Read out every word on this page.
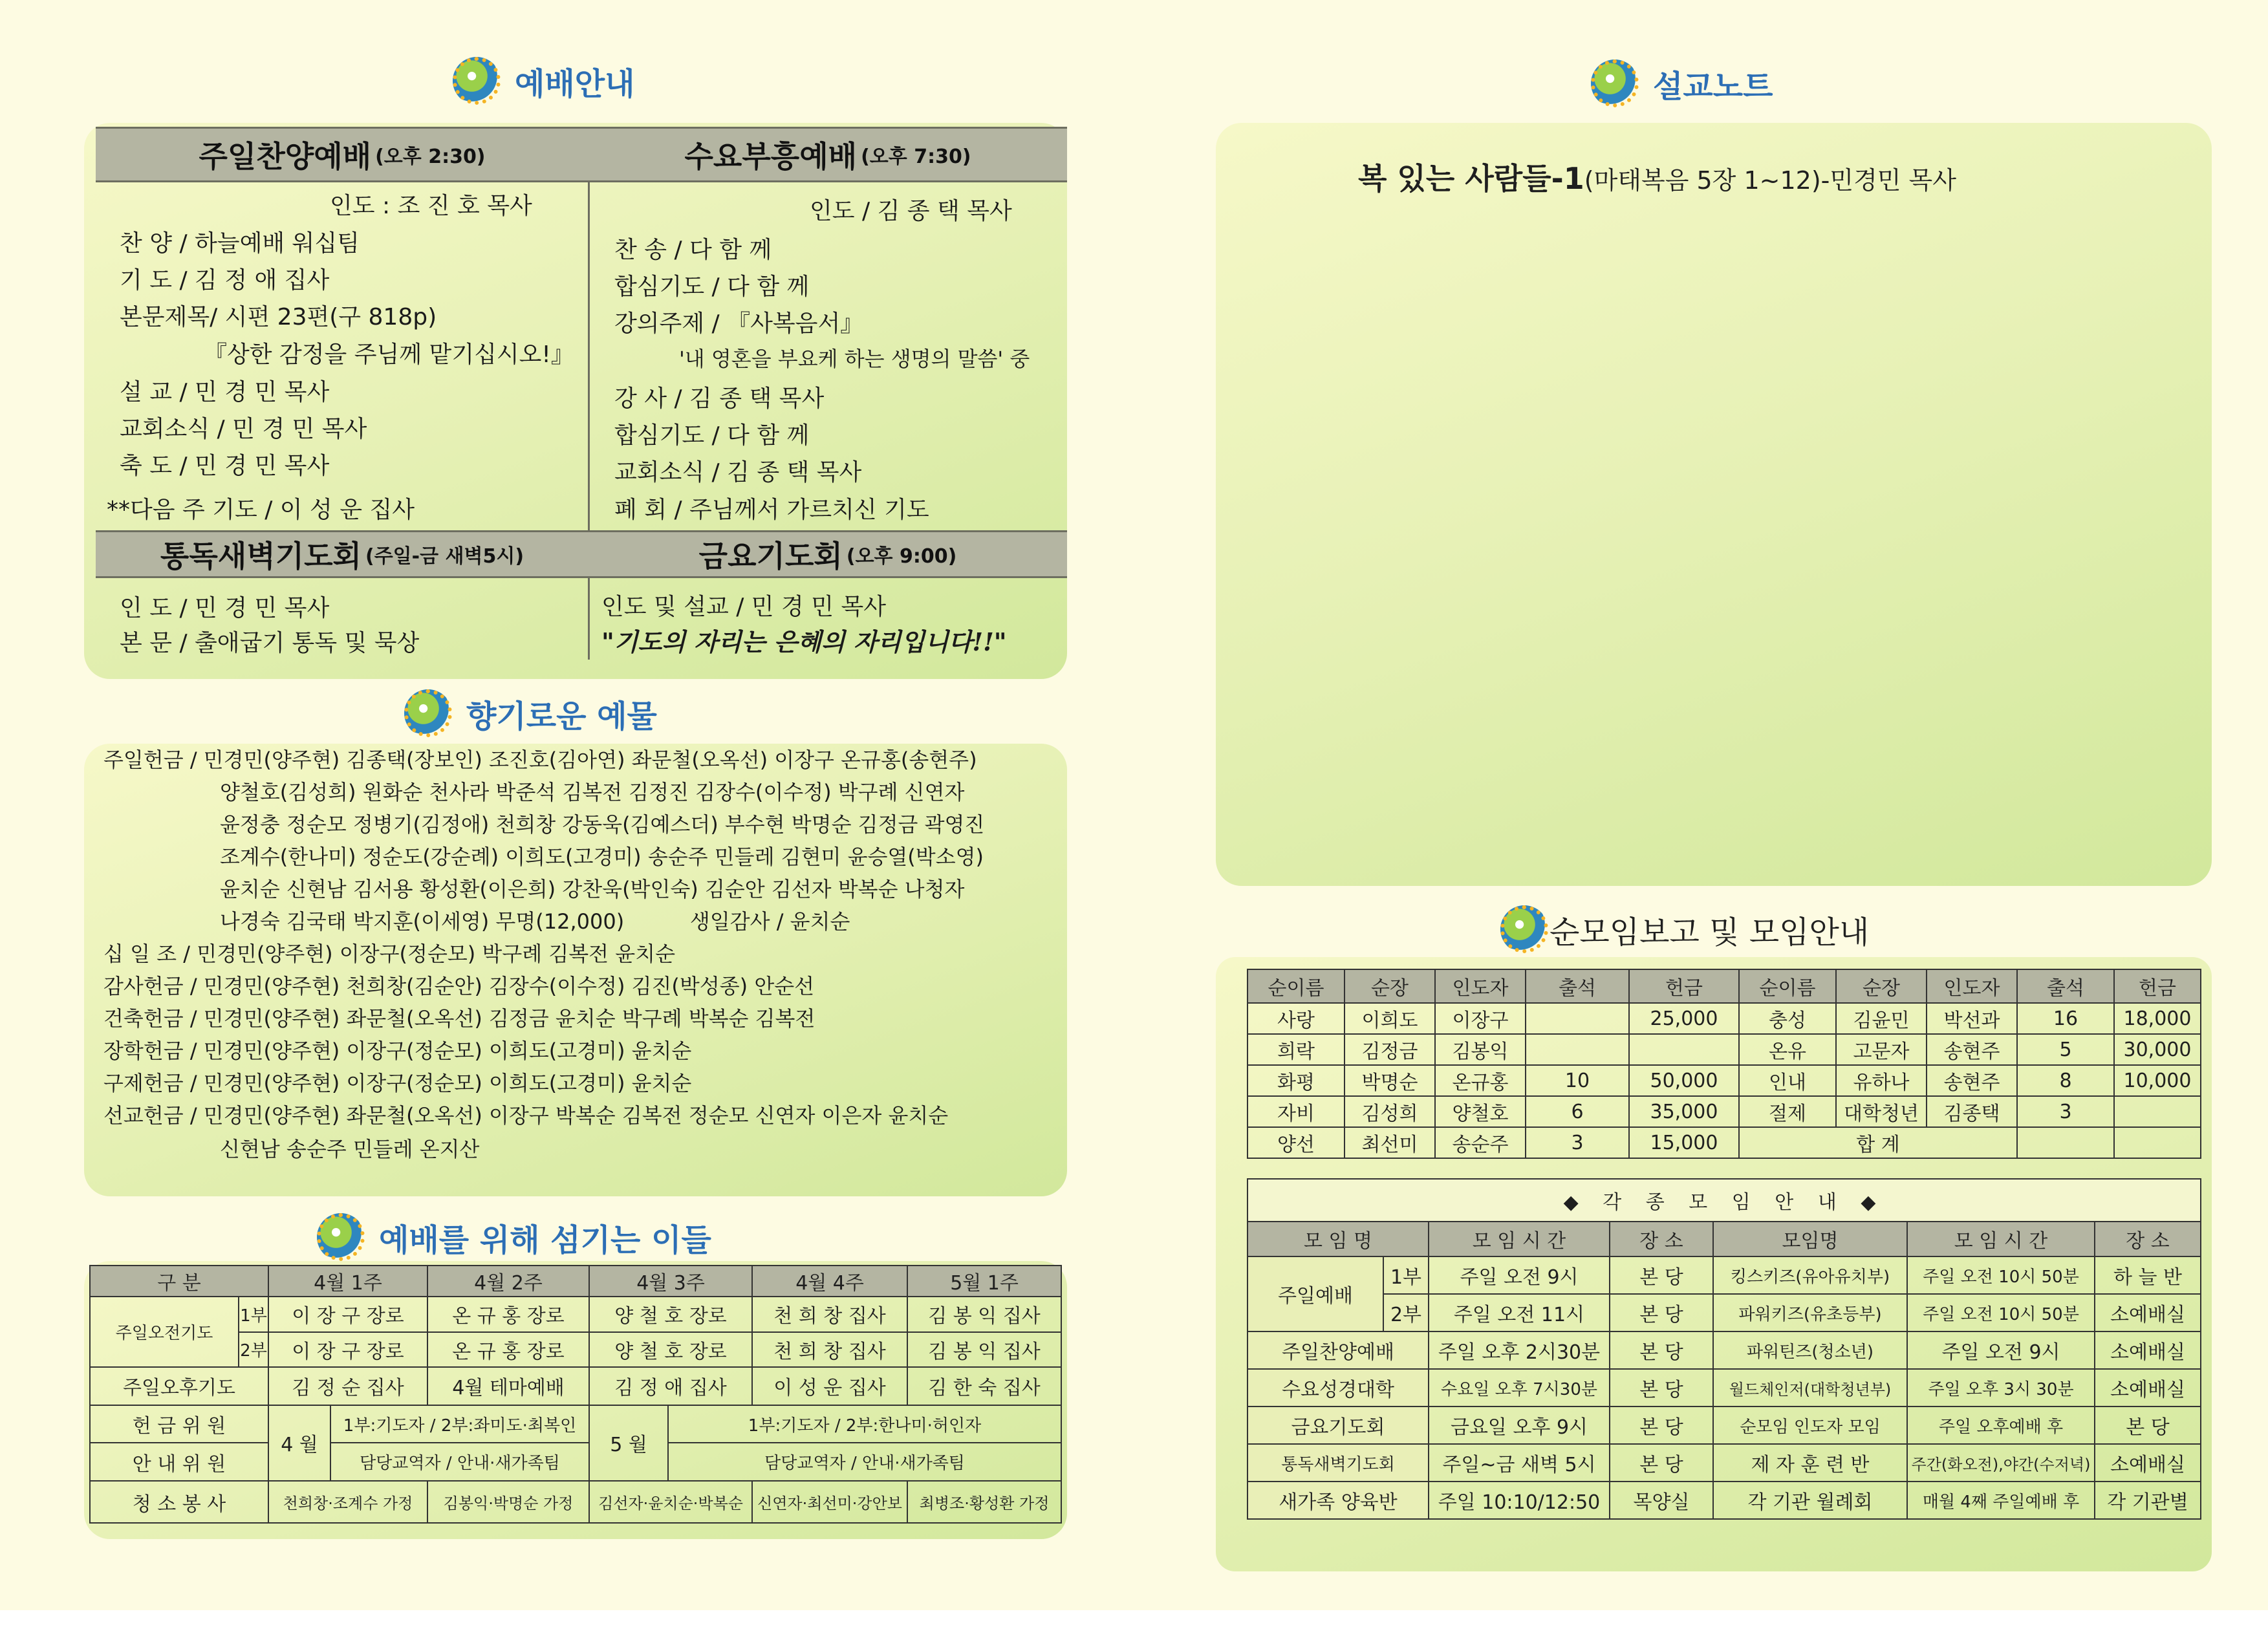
예배안내
주일찬양예배 (오후 2:30)	수요부흥예배 (오후 7:30)
인도 : 조 진 호 목사
찬 양 / 하늘예배 워십팀
기 도 / 김 정 애 집사
본문제목/ 시편 23편(구 818p)
『상한 감정을 주님께 맡기십시오!』
설 교 / 민 경 민 목사
교회소식 / 민 경 민 목사
축 도 / 민 경 민 목사
**다음 주 기도 / 이 성 운 집사
인도 / 김 종 택 목사
찬 송 / 다 함 께
합심기도 / 다 함 께
강의주제 / 『사복음서』
'내 영혼을 부요케 하는 생명의 말씀' 중
강 사 / 김 종 택 목사
합심기도 / 다 함 께
교회소식 / 김 종 택 목사
폐 회 / 주님께서 가르치신 기도
통독새벽기도회 (주일-금 새벽5시)	금요기도회 (오후 9:00)
인 도 / 민 경 민 목사
본 문 / 출애굽기 통독 및 묵상
인도 및 설교 / 민 경 민 목사
"기도의 자리는 은혜의 자리입니다!!"
향기로운 예물
주일헌금 / 민경민(양주현) 김종택(장보인) 조진호(김아연) 좌문철(오옥선) 이장구 온규홍(송현주)
양철호(김성희) 원화순 천사라 박준석 김복전 김정진 김장수(이수정) 박구례 신연자
윤정충 정순모 정병기(김정애) 천희창 강동욱(김예스더) 부수현 박명순 김정금 곽영진
조계수(한나미) 정순도(강순례) 이희도(고경미) 송순주 민들레 김현미 윤승열(박소영)
윤치순 신현남 김서용 황성환(이은희) 강찬욱(박인숙) 김순안 김선자 박복순 나청자
나경숙 김국태 박지훈(이세영) 무명(12,000)          생일감사 / 윤치순
십 일 조 / 민경민(양주현) 이장구(정순모) 박구례 김복전 윤치순
감사헌금 / 민경민(양주현) 천희창(김순안) 김장수(이수정) 김진(박성종) 안순선
건축헌금 / 민경민(양주현) 좌문철(오옥선) 김정금 윤치순 박구례 박복순 김복전
장학헌금 / 민경민(양주현) 이장구(정순모) 이희도(고경미) 윤치순
구제헌금 / 민경민(양주현) 이장구(정순모) 이희도(고경미) 윤치순
선교헌금 / 민경민(양주현) 좌문철(오옥선) 이장구 박복순 김복전 정순모 신연자 이은자 윤치순
신현남 송순주 민들레 온지산
예배를 위해 섬기는 이들
구 분		4월 1주		4월 2주	4월 3주		4월 4주	5월 1주
주일오전기도	1부	이 장 구 장로		온 규 홍 장로	양 철 호 장로		천 희 창 집사	김 봉 익 집사
	2부	이 장 구 장로		온 규 홍 장로	양 철 호 장로		천 희 창 집사	김 봉 익 집사
주일오후기도		김 정 순 집사		4월 테마예배	김 정 애 집사		이 성 운 집사	김 한 숙 집사
헌 금 위 원		4 월	1부:기도자 / 2부:좌미도·최복인		5 월	1부:기도자 / 2부:한나미·허인자		
안 내 위 원			담당교역자 / 안내·새가족팀			담당교역자 / 안내·새가족팀		
청 소 봉 사		천희창·조계수 가정		김봉익·박명순 가정	김선자·윤치순·박복순		신연자·최선미·강안보	최병조·황성환 가정
설교노트
복 있는 사람들-1(마태복음 5장 1~12)-민경민 목사
순모임보고 및 모임안내
순이름	순장	인도자	출석	헌금	순이름	순장	인도자	출석	헌금
사랑	이희도	이장구		25,000	충성	김윤민	박선과	16	18,000
희락	김정금	김봉익			온유	고문자	송현주	5	30,000
화평	박명순	온규홍	10	50,000	인내	유하나	송현주	8	10,000
자비	김성희	양철호	6	35,000	절제	대학청년	김종택	3	
양선	최선미	송순주	3	15,000	합 계				
◆ 각 종 모 임 안 내 ◆						
모 임 명		모 임 시 간	장 소	모임명	모 임 시 간	장 소
주일예배	1부	주일 오전 9시	본 당	킹스키즈(유아유치부)	주일 오전 10시 50분	하 늘 반
	2부	주일 오전 11시	본 당	파워키즈(유초등부)	주일 오전 10시 50분	소예배실
주일찬양예배		주일 오후 2시30분	본 당	파워틴즈(청소년)	주일 오전 9시	소예배실
수요성경대학		수요일 오후 7시30분	본 당	월드체인저(대학청년부)	주일 오후 3시 30분	소예배실
금요기도회		금요일 오후 9시	본 당	순모임 인도자 모임	주일 오후예배 후	본 당
통독새벽기도회		주일~금 새벽 5시	본 당	제 자 훈 련 반	주간(화오전),야간(수저녁)	소예배실
새가족 양육반		주일 10:10/12:50	목양실	각 기관 월례회	매월 4째 주일예배 후	각 기관별
